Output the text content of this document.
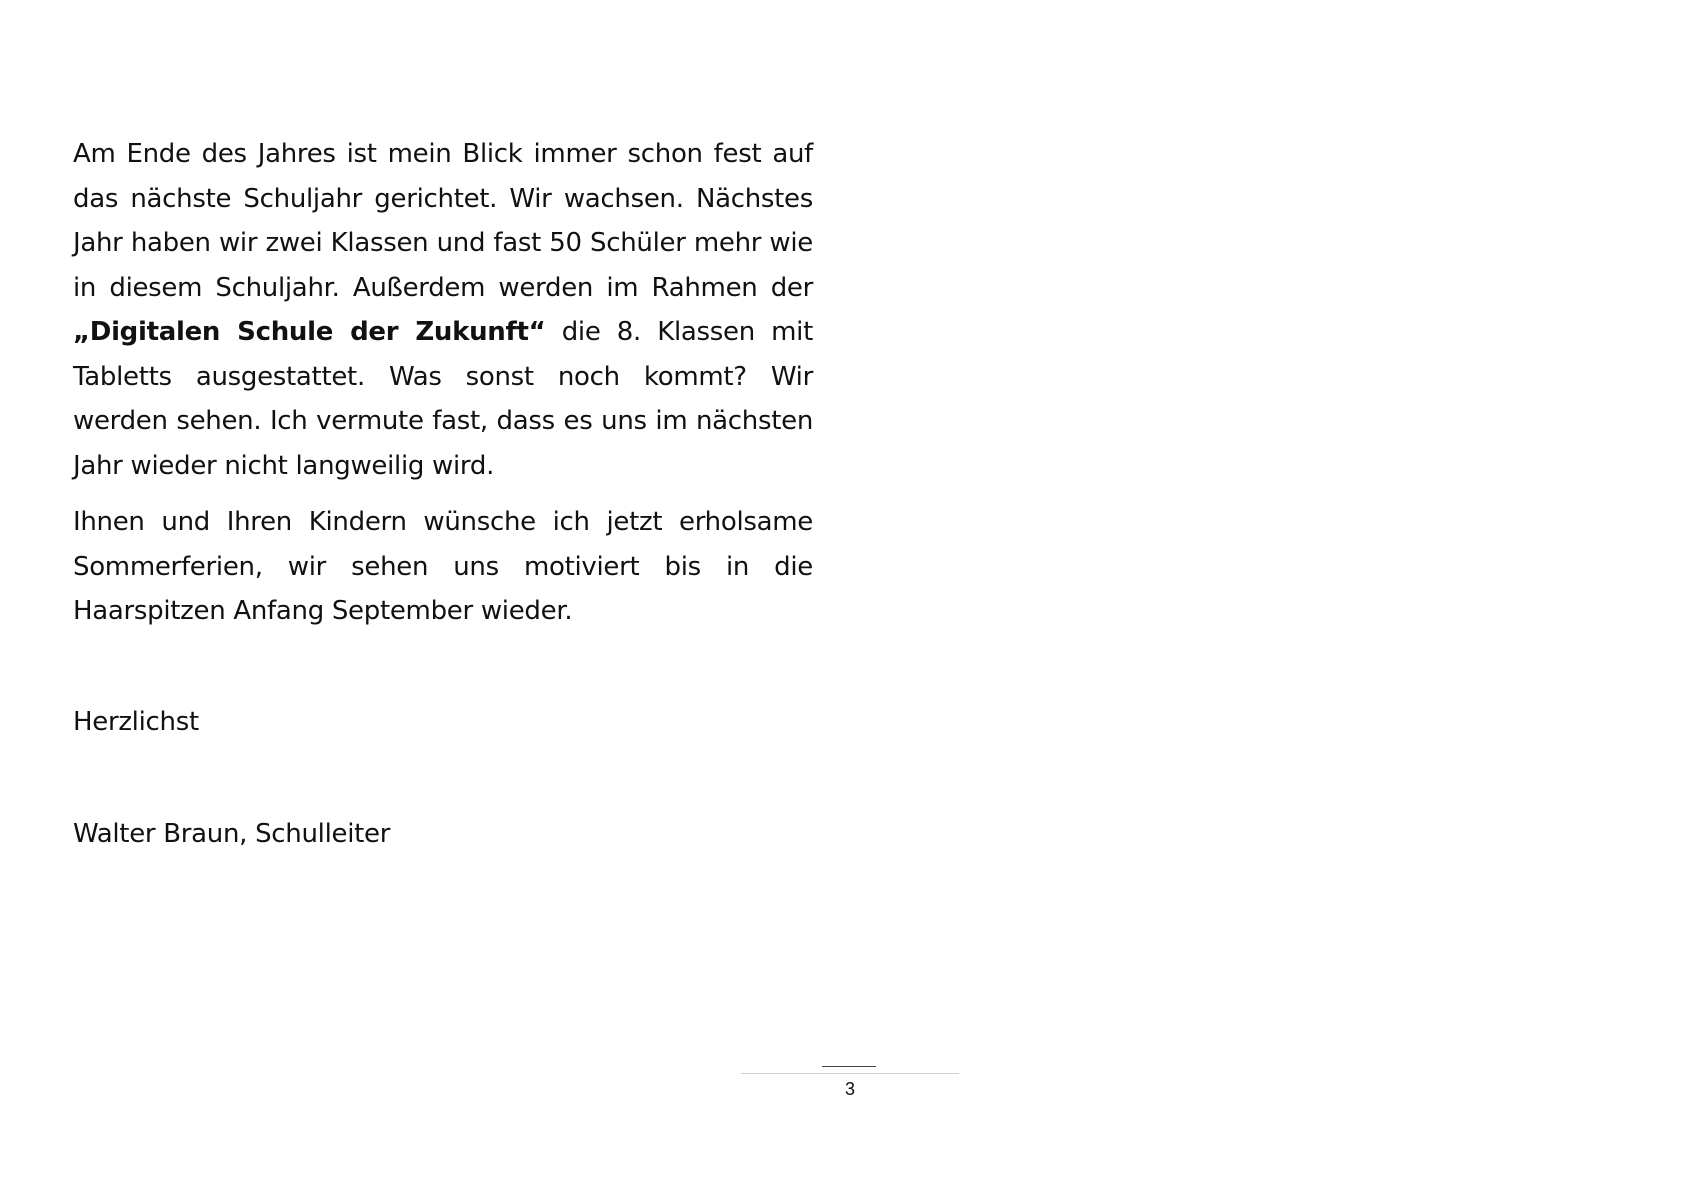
Am Ende des Jahres ist mein Blick immer schon fest auf das nächste Schuljahr gerichtet. Wir wachsen. Nächstes Jahr haben wir zwei Klassen und fast 50 Schüler mehr wie in diesem Schuljahr. Außerdem werden im Rahmen der „Digitalen Schule der Zukunft“ die 8. Klassen mit Tabletts ausgestattet. Was sonst noch kommt? Wir werden sehen. Ich vermute fast, dass es uns im nächsten Jahr wieder nicht langweilig wird.

Ihnen und Ihren Kindern wünsche ich jetzt erholsame Sommerferien, wir sehen uns motiviert bis in die Haarspitzen Anfang September wieder.

Herzlichst

Walter Braun, Schulleiter

3
